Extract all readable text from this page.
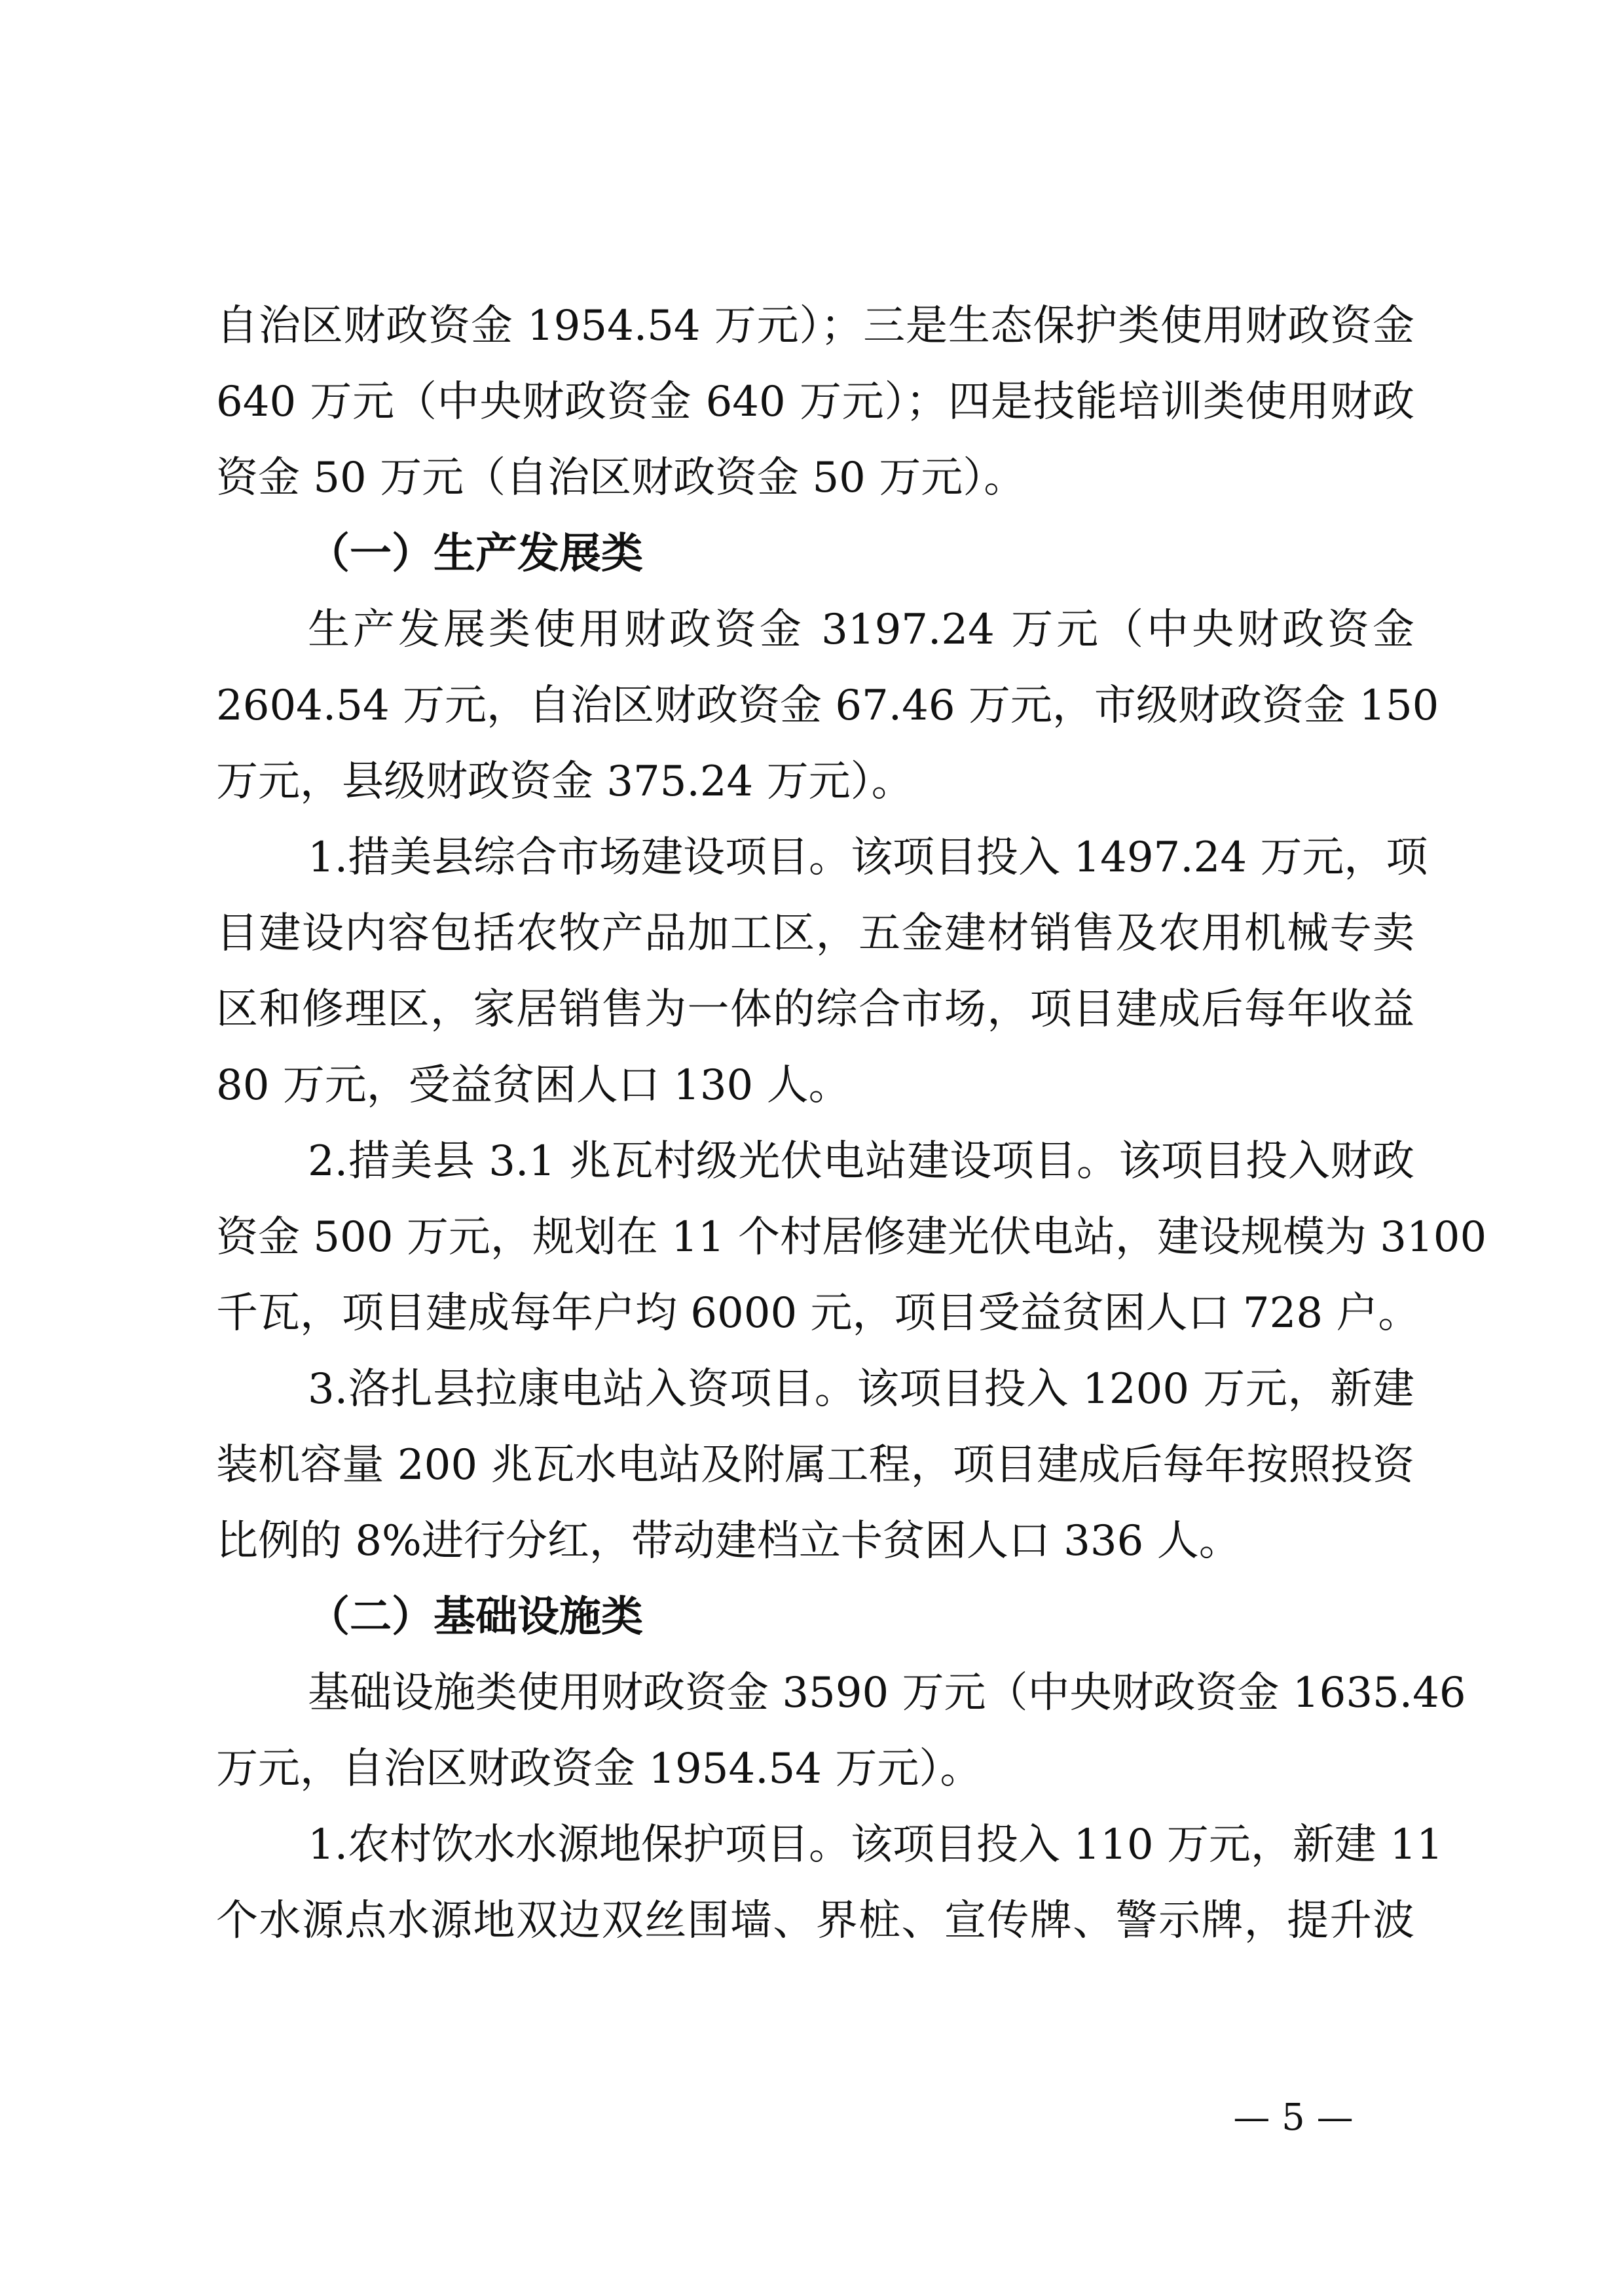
自治区财政资金 1954.54 万元）；三是生态保护类使用财政资金
640 万元（中央财政资金 640 万元）；四是技能培训类使用财政
资金 50 万元（自治区财政资金 50 万元）。
（一）生产发展类
生产发展类使用财政资金 3197.24 万元（中央财政资金
2604.54 万元，自治区财政资金 67.46 万元，市级财政资金 150
万元，县级财政资金 375.24 万元）。
1.措美县综合市场建设项目。该项目投入 1497.24 万元，项
目建设内容包括农牧产品加工区，五金建材销售及农用机械专卖
区和修理区，家居销售为一体的综合市场，项目建成后每年收益
80 万元，受益贫困人口 130 人。
2.措美县 3.1 兆瓦村级光伏电站建设项目。该项目投入财政
资金 500 万元，规划在 11 个村居修建光伏电站，建设规模为 3100
千瓦，项目建成每年户均 6000 元，项目受益贫困人口 728 户。
3.洛扎县拉康电站入资项目。该项目投入 1200 万元，新建
装机容量 200 兆瓦水电站及附属工程，项目建成后每年按照投资
比例的 8%进行分红，带动建档立卡贫困人口 336 人。
（二）基础设施类
基础设施类使用财政资金 3590 万元（中央财政资金 1635.46
万元，自治区财政资金 1954.54 万元）。
1.农村饮水水源地保护项目。该项目投入 110 万元，新建 11
— 5 —
个水源点水源地双边双丝围墙、界桩、宣传牌、警示牌，提升波
